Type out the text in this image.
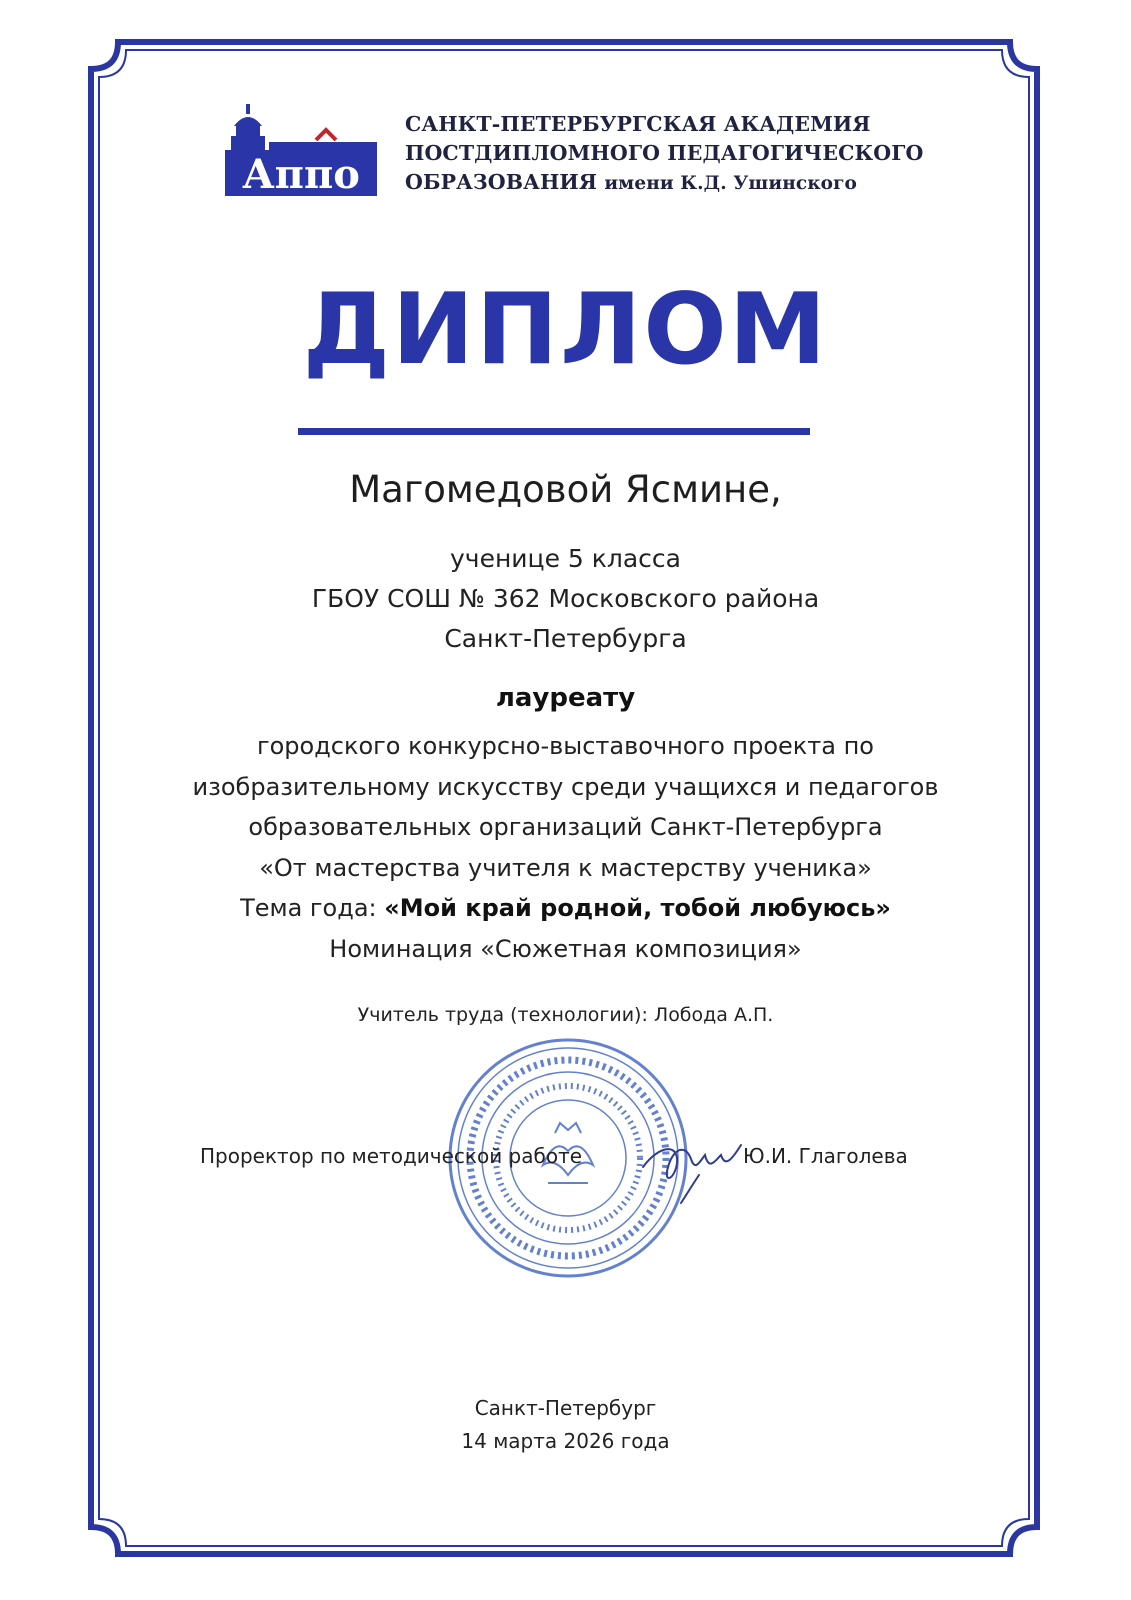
Аппо
САНКТ-ПЕТЕРБУРГСКАЯ АКАДЕМИЯ
ПОСТДИПЛОМНОГО ПЕДАГОГИЧЕСКОГО
ОБРАЗОВАНИЯ имени К.Д. Ушинского
ДИПЛОМ
Магомедовой Ясмине,
ученице 5 класса
ГБОУ СОШ № 362 Московского района
Санкт-Петербурга
лауреату
городского конкурсно-выставочного проекта по
изобразительному искусству среди учащихся и педагогов
образовательных организаций Санкт-Петербурга
«От мастерства учителя к мастерству ученика»
Тема года: «Мой край родной, тобой любуюсь»
Номинация «Сюжетная композиция»
Учитель труда (технологии): Лобода А.П.
Проректор по методической работе	Ю.И. Глаголева
Санкт-Петербург
14 марта 2026 года
